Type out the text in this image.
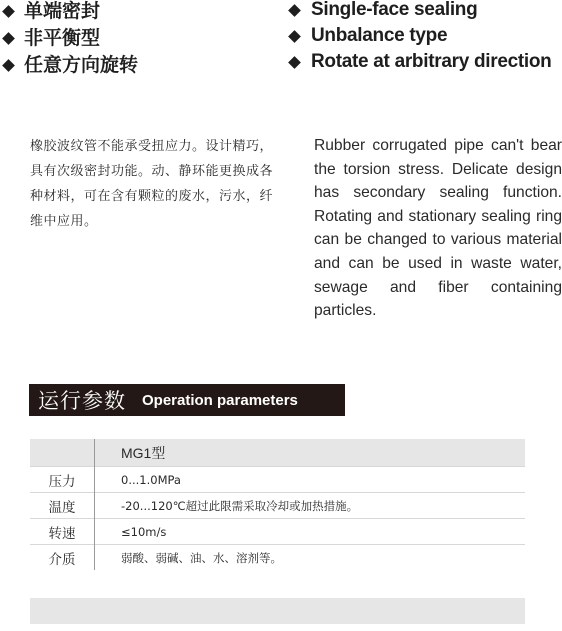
单端密封
非平衡型
任意方向旋转
Single-face sealing
Unbalance type
Rotate at arbitrary direction
橡胶波纹管不能承受扭应力。设计精巧，具有次级密封功能。动、静环能更换成各种材料，可在含有颗粒的废水，污水，纤维中应用。
Rubber corrugated pipe can't bear the torsion stress. Delicate design has secondary sealing function. Rotating and stationary sealing ring can be changed to various material and can be used in waste water, sewage and fiber containing particles.
运行参数 Operation parameters
	MG1型
压力	0...1.0MPa
温度	-20...120℃超过此限需采取冷却或加热措施。
转速	≤10m/s
介质	弱酸、弱碱、油、水、溶剂等。
